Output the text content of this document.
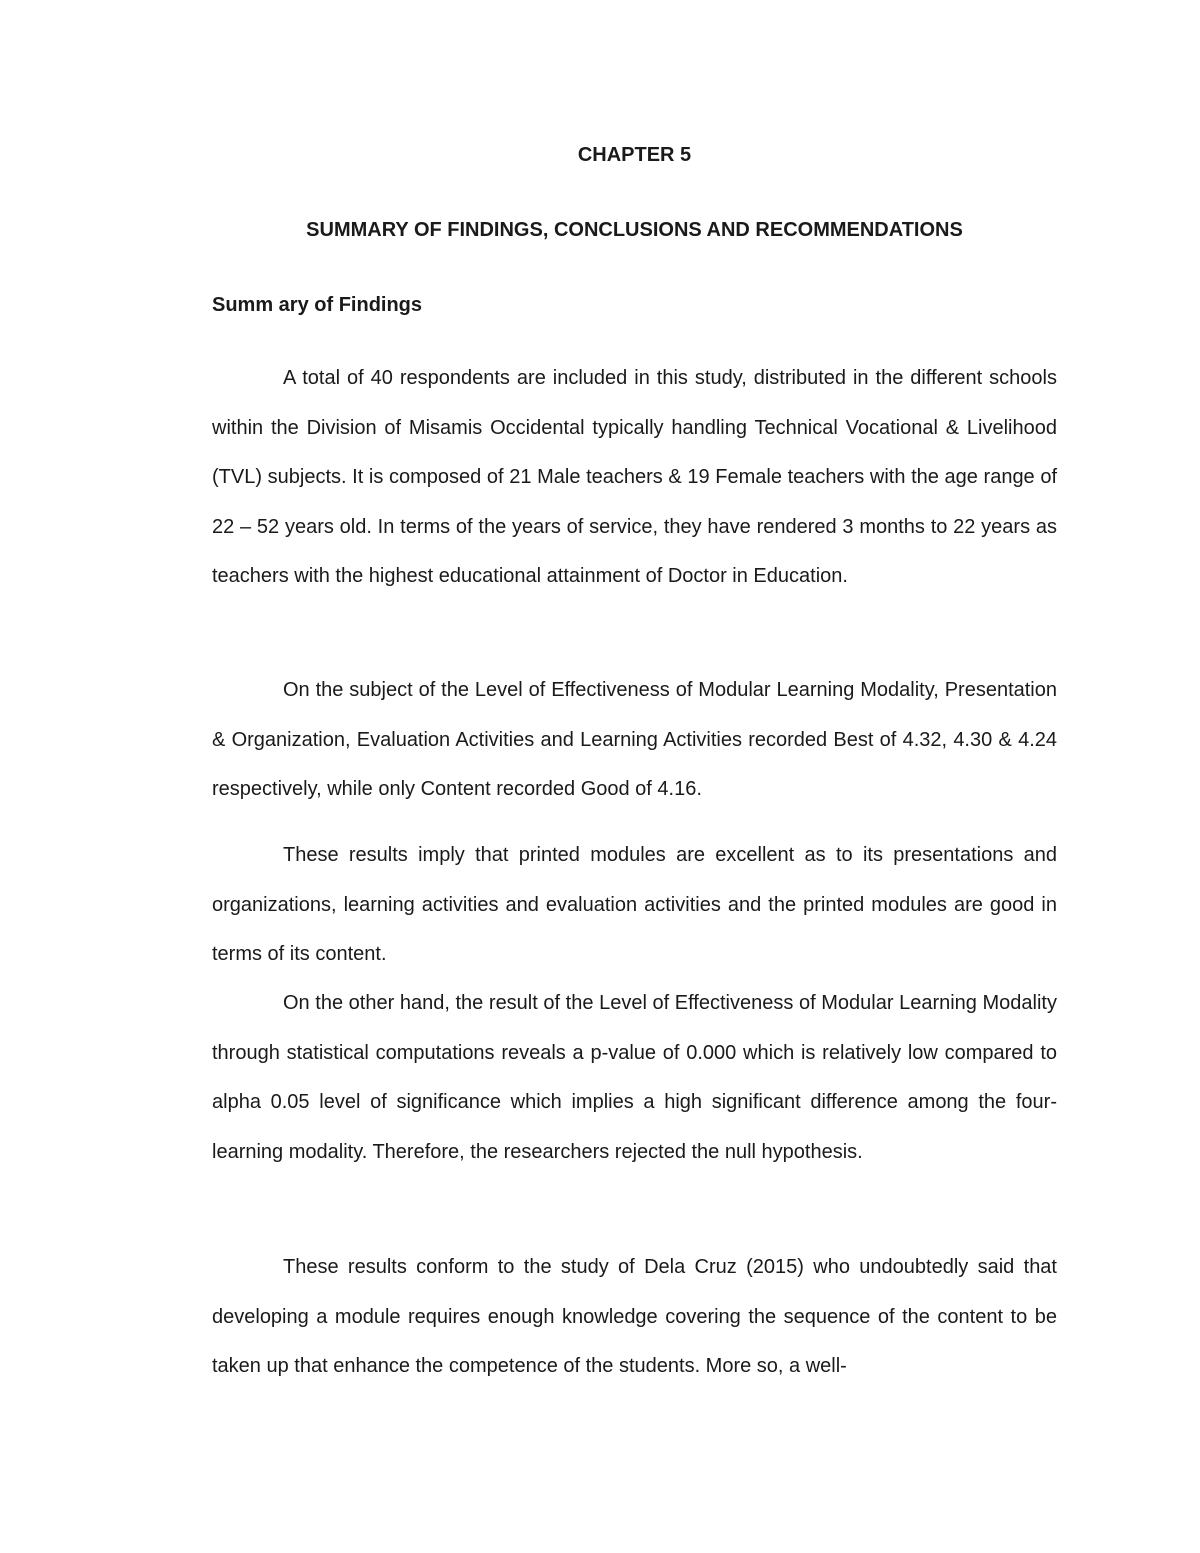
CHAPTER 5
SUMMARY OF FINDINGS, CONCLUSIONS AND RECOMMENDATIONS
Summ ary of Findings

A total of 40 respondents are included in this study, distributed in the different schools within the Division of Misamis Occidental typically handling Technical Vocational & Livelihood (TVL) subjects. It is composed of 21 Male teachers & 19 Female teachers with the age range of 22 – 52 years old. In terms of the years of service, they have rendered 3 months to 22 years as teachers with the highest educational attainment of Doctor in Education.

On the subject of the Level of Effectiveness of Modular Learning Modality, Presentation & Organization, Evaluation Activities and Learning Activities recorded Best of 4.32, 4.30 & 4.24 respectively, while only Content recorded Good of 4.16.

These results imply that printed modules are excellent as to its presentations and organizations, learning activities and evaluation activities and the printed modules are good in terms of its content.

On the other hand, the result of the Level of Effectiveness of Modular Learning Modality through statistical computations reveals a p-value of 0.000 which is relatively low compared to alpha 0.05 level of significance which implies a high significant difference among the four-learning modality. Therefore, the researchers rejected the null hypothesis.

These results conform to the study of Dela Cruz (2015) who undoubtedly said that developing a module requires enough knowledge covering the sequence of the content to be taken up that enhance the competence of the students. More so, a well-
